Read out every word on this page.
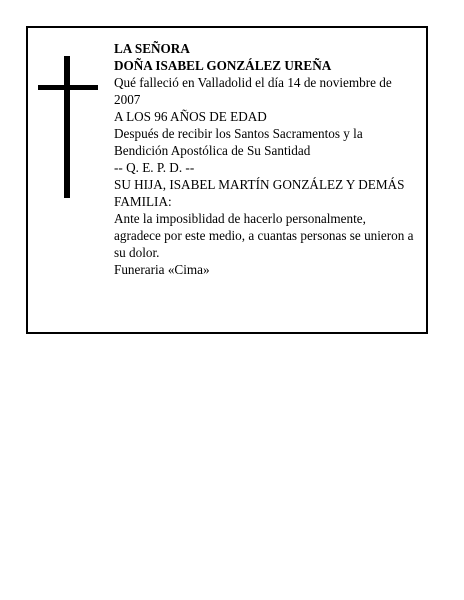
LA SEÑORA
DOÑA ISABEL GONZÁLEZ UREÑA
Qué falleció en Valladolid el día 14 de noviembre de 2007
A LOS 96 AÑOS DE EDAD
Después de recibir los Santos Sacramentos y la Bendición Apostólica de Su Santidad
-- Q. E. P. D. --
SU HIJA, ISABEL MARTÍN GONZÁLEZ Y DEMÁS FAMILIA:
Ante la imposiblidad de hacerlo personalmente, agradece por este medio, a cuantas personas se unieron a su dolor.
Funeraria «Cima»
